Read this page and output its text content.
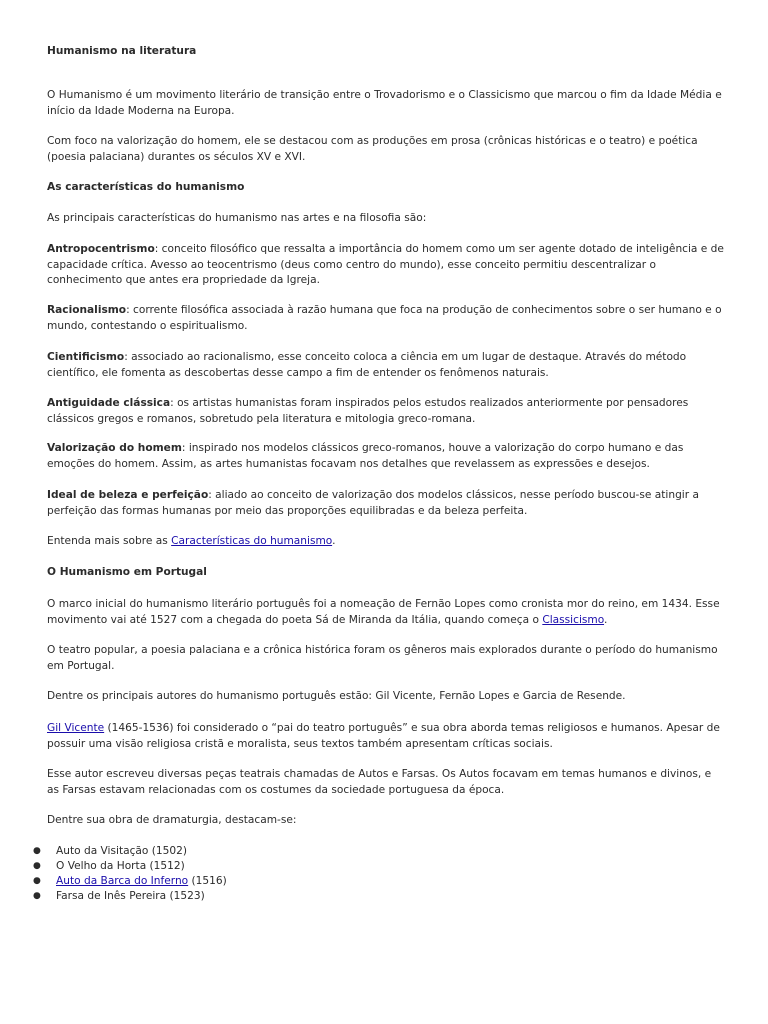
Humanismo na literatura

O Humanismo é um movimento literário de transição entre o Trovadorismo e o Classicismo que marcou o fim da Idade Média e início da Idade Moderna na Europa.

Com foco na valorização do homem, ele se destacou com as produções em prosa (crônicas históricas e o teatro) e poética (poesia palaciana) durantes os séculos XV e XVI.

As características do humanismo

As principais características do humanismo nas artes e na filosofia são:

Antropocentrismo: conceito filosófico que ressalta a importância do homem como um ser agente dotado de inteligência e de capacidade crítica. Avesso ao teocentrismo (deus como centro do mundo), esse conceito permitiu descentralizar o conhecimento que antes era propriedade da Igreja.

Racionalismo: corrente filosófica associada à razão humana que foca na produção de conhecimentos sobre o ser humano e o mundo, contestando o espiritualismo.

Cientificismo: associado ao racionalismo, esse conceito coloca a ciência em um lugar de destaque. Através do método científico, ele fomenta as descobertas desse campo a fim de entender os fenômenos naturais.

Antiguidade clássica: os artistas humanistas foram inspirados pelos estudos realizados anteriormente por pensadores clássicos gregos e romanos, sobretudo pela literatura e mitologia greco-romana.

Valorização do homem: inspirado nos modelos clássicos greco-romanos, houve a valorização do corpo humano e das emoções do homem. Assim, as artes humanistas focavam nos detalhes que revelassem as expressões e desejos.

Ideal de beleza e perfeição: aliado ao conceito de valorização dos modelos clássicos, nesse período buscou-se atingir a perfeição das formas humanas por meio das proporções equilibradas e da beleza perfeita.

Entenda mais sobre as Características do humanismo.

O Humanismo em Portugal

O marco inicial do humanismo literário português foi a nomeação de Fernão Lopes como cronista mor do reino, em 1434. Esse movimento vai até 1527 com a chegada do poeta Sá de Miranda da Itália, quando começa o Classicismo.

O teatro popular, a poesia palaciana e a crônica histórica foram os gêneros mais explorados durante o período do humanismo em Portugal.

Dentre os principais autores do humanismo português estão: Gil Vicente, Fernão Lopes e Garcia de Resende.

Gil Vicente (1465-1536) foi considerado o “pai do teatro português” e sua obra aborda temas religiosos e humanos. Apesar de possuir uma visão religiosa cristã e moralista, seus textos também apresentam críticas sociais.

Esse autor escreveu diversas peças teatrais chamadas de Autos e Farsas. Os Autos focavam em temas humanos e divinos, e as Farsas estavam relacionadas com os costumes da sociedade portuguesa da época.

Dentre sua obra de dramaturgia, destacam-se:

● Auto da Visitação (1502)
● O Velho da Horta (1512)
● Auto da Barca do Inferno (1516)
● Farsa de Inês Pereira (1523)
